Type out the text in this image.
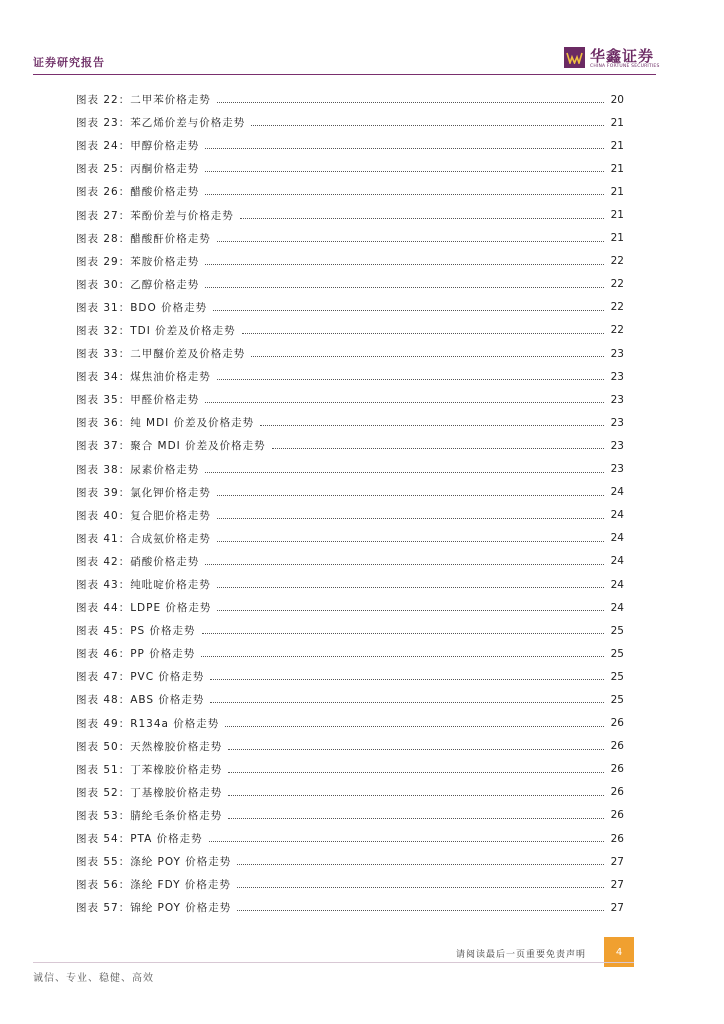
证券研究报告	华鑫证券
CHINA FORTUNE SECURITIES
图表 22：二甲苯价格走势	20
图表 23：苯乙烯价差与价格走势	21
图表 24：甲醇价格走势	21
图表 25：丙酮价格走势	21
图表 26：醋酸价格走势	21
图表 27：苯酚价差与价格走势	21
图表 28：醋酸酐价格走势	21
图表 29：苯胺价格走势	22
图表 30：乙醇价格走势	22
图表 31：BDO 价格走势	22
图表 32：TDI 价差及价格走势	22
图表 33：二甲醚价差及价格走势	23
图表 34：煤焦油价格走势	23
图表 35：甲醛价格走势	23
图表 36：纯 MDI 价差及价格走势	23
图表 37：聚合 MDI 价差及价格走势	23
图表 38：尿素价格走势	23
图表 39：氯化钾价格走势	24
图表 40：复合肥价格走势	24
图表 41：合成氨价格走势	24
图表 42：硝酸价格走势	24
图表 43：纯吡啶价格走势	24
图表 44：LDPE 价格走势	24
图表 45：PS 价格走势	25
图表 46：PP 价格走势	25
图表 47：PVC 价格走势	25
图表 48：ABS 价格走势	25
图表 49：R134a 价格走势	26
图表 50：天然橡胶价格走势	26
图表 51：丁苯橡胶价格走势	26
图表 52：丁基橡胶价格走势	26
图表 53：腈纶毛条价格走势	26
图表 54：PTA 价格走势	26
图表 55：涤纶 POY 价格走势	27
图表 56：涤纶 FDY 价格走势	27
图表 57：锦纶 POY 价格走势	27
请阅读最后一页重要免责声明	4
诚信、专业、稳健、高效
